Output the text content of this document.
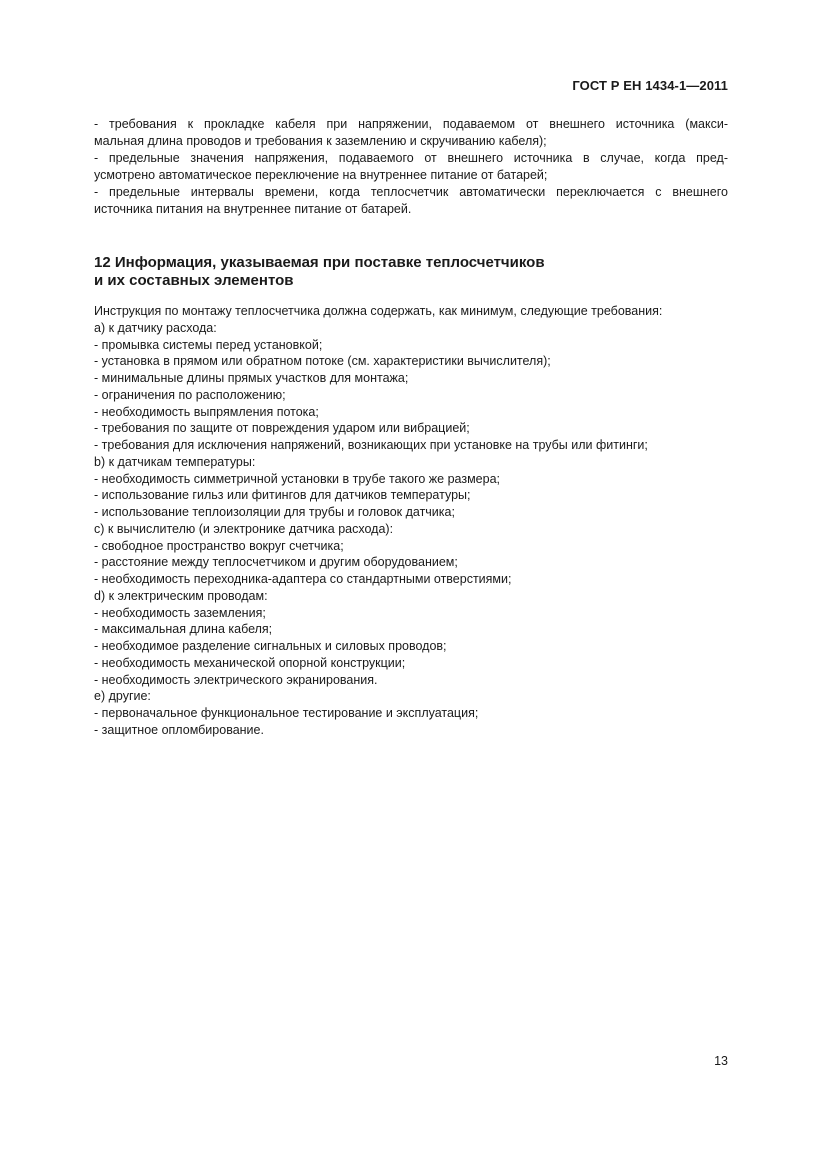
ГОСТ Р ЕН 1434-1—2011

- требования к прокладке кабеля при напряжении, подаваемом от внешнего источника (макси-
мальная длина проводов и требования к заземлению и скручиванию кабеля);

- предельные значения напряжения, подаваемого от внешнего источника в случае, когда пред-
усмотрено автоматическое переключение на внутреннее питание от батарей;

- предельные интервалы времени, когда теплосчетчик автоматически переключается с внешнего
источника питания на внутреннее питание от батарей.

12 Информация, указываемая при поставке теплосчетчиков
и их составных элементов
Инструкция по монтажу теплосчетчика должна содержать, как минимум, следующие требования:
а) к датчику расхода:
- промывка системы перед установкой;
- установка в прямом или обратном потоке (см. характеристики вычислителя);
- минимальные длины прямых участков для монтажа;
- ограничения по расположению;
- необходимость выпрямления потока;
- требования по защите от повреждения ударом или вибрацией;
- требования для исключения напряжений, возникающих при установке на трубы или фитинги;
b) к датчикам температуры:
- необходимость симметричной установки в трубе такого же размера;
- использование гильз или фитингов для датчиков температуры;
- использование теплоизоляции для трубы и головок датчика;
с) к вычислителю (и электронике датчика расхода):
- свободное пространство вокруг счетчика;
- расстояние между теплосчетчиком и другим оборудованием;
- необходимость переходника-адаптера со стандартными отверстиями;
d) к электрическим проводам:
- необходимость заземления;
- максимальная длина кабеля;
- необходимое разделение сигнальных и силовых проводов;
- необходимость механической опорной конструкции;
- необходимость электрического экранирования.
е) другие:
- первоначальное функциональное тестирование и эксплуатация;
- защитное опломбирование.
13
